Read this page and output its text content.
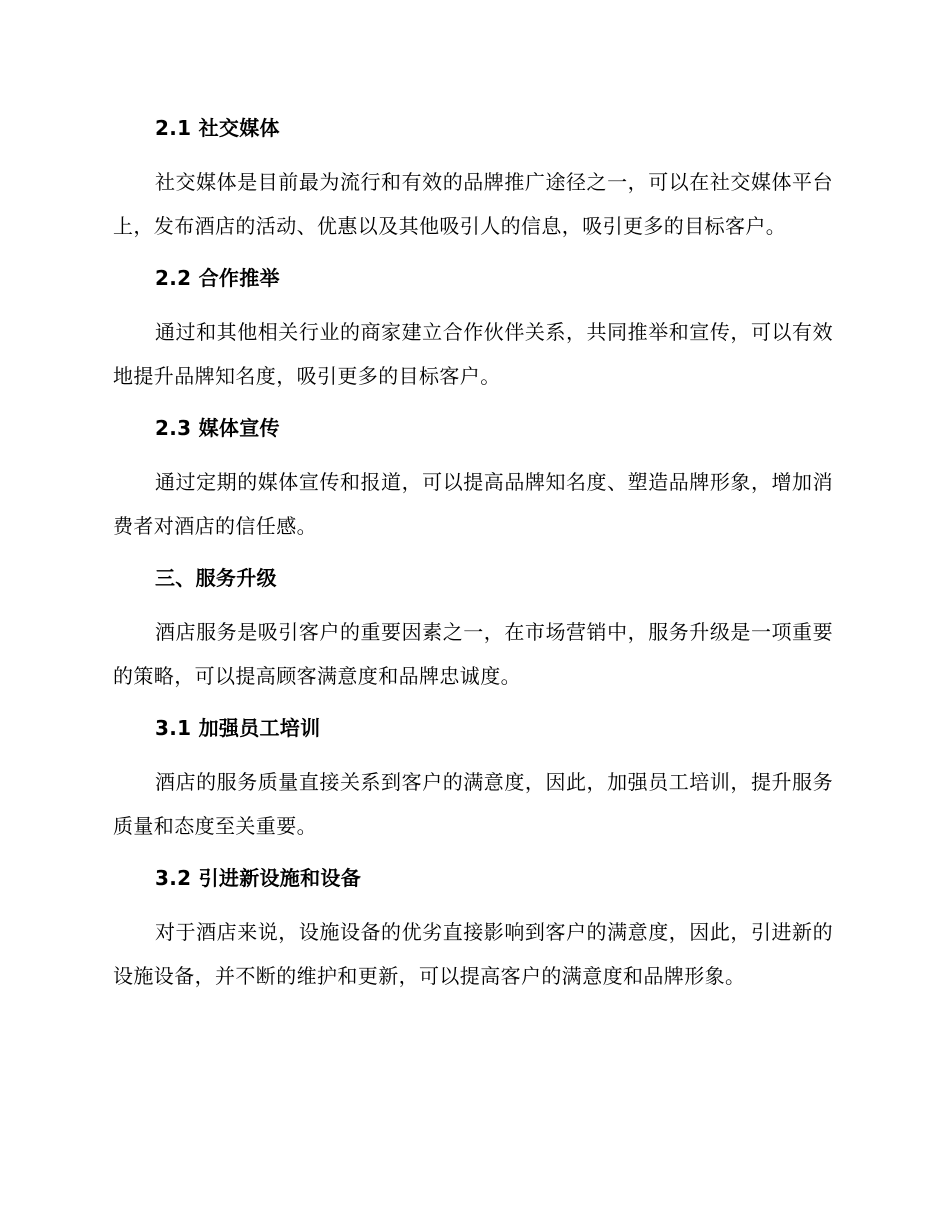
2.1 社交媒体

社交媒体是目前最为流行和有效的品牌推广途径之一，可以在社交媒体平台上，发布酒店的活动、优惠以及其他吸引人的信息，吸引更多的目标客户。

2.2 合作推举

通过和其他相关行业的商家建立合作伙伴关系，共同推举和宣传，可以有效地提升品牌知名度，吸引更多的目标客户。

2.3 媒体宣传

通过定期的媒体宣传和报道，可以提高品牌知名度、塑造品牌形象，增加消费者对酒店的信任感。

三、服务升级

酒店服务是吸引客户的重要因素之一，在市场营销中，服务升级是一项重要的策略，可以提高顾客满意度和品牌忠诚度。

3.1 加强员工培训

酒店的服务质量直接关系到客户的满意度，因此，加强员工培训，提升服务质量和态度至关重要。

3.2 引进新设施和设备

对于酒店来说，设施设备的优劣直接影响到客户的满意度，因此，引进新的设施设备，并不断的维护和更新，可以提高客户的满意度和品牌形象。
